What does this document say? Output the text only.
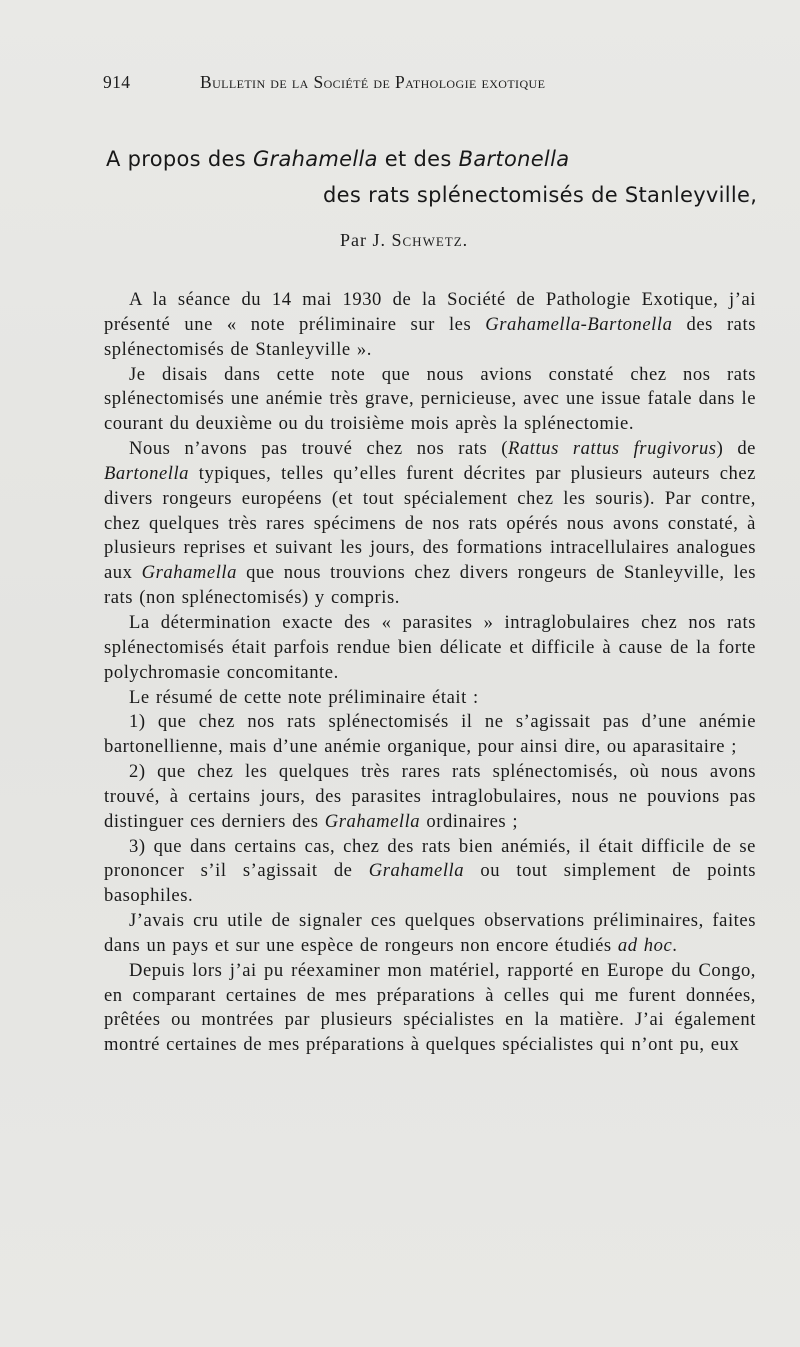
914	Bulletin de la Société de Pathologie exotique
A propos des Grahamella et des Bartonella
des rats splénectomisés de Stanleyville,
Par J. Schwetz.

A la séance du 14 mai 1930 de la Société de Pathologie Exotique, j’ai présenté une « note préliminaire sur les Grahamella-Bartonella des rats splénectomisés de Stanleyville ».

Je disais dans cette note que nous avions constaté chez nos rats splénectomisés une anémie très grave, pernicieuse, avec une issue fatale dans le courant du deuxième ou du troisième mois après la splénectomie.

Nous n’avons pas trouvé chez nos rats (Rattus rattus frugivorus) de Bartonella typiques, telles qu’elles furent décrites par plusieurs auteurs chez divers rongeurs européens (et tout spécialement chez les souris). Par contre, chez quelques très rares spécimens de nos rats opérés nous avons constaté, à plusieurs reprises et suivant les jours, des formations intracellulaires analogues aux Grahamella que nous trouvions chez divers rongeurs de Stanleyville, les rats (non splénectomisés) y compris.

La détermination exacte des « parasites » intraglobulaires chez nos rats splénectomisés était parfois rendue bien délicate et difficile à cause de la forte polychromasie concomitante.

Le résumé de cette note préliminaire était :

1) que chez nos rats splénectomisés il ne s’agissait pas d’une anémie bartonellienne, mais d’une anémie organique, pour ainsi dire, ou aparasitaire ;

2) que chez les quelques très rares rats splénectomisés, où nous avons trouvé, à certains jours, des parasites intraglobulaires, nous ne pouvions pas distinguer ces derniers des Grahamella ordinaires ;

3) que dans certains cas, chez des rats bien anémiés, il était difficile de se prononcer s’il s’agissait de Grahamella ou tout simplement de points basophiles.

J’avais cru utile de signaler ces quelques observations préliminaires, faites dans un pays et sur une espèce de rongeurs non encore étudiés ad hoc.

Depuis lors j’ai pu réexaminer mon matériel, rapporté en Europe du Congo, en comparant certaines de mes préparations à celles qui me furent données, prêtées ou montrées par plusieurs spécialistes en la matière. J’ai également montré certaines de mes préparations à quelques spécialistes qui n’ont pu, eux
